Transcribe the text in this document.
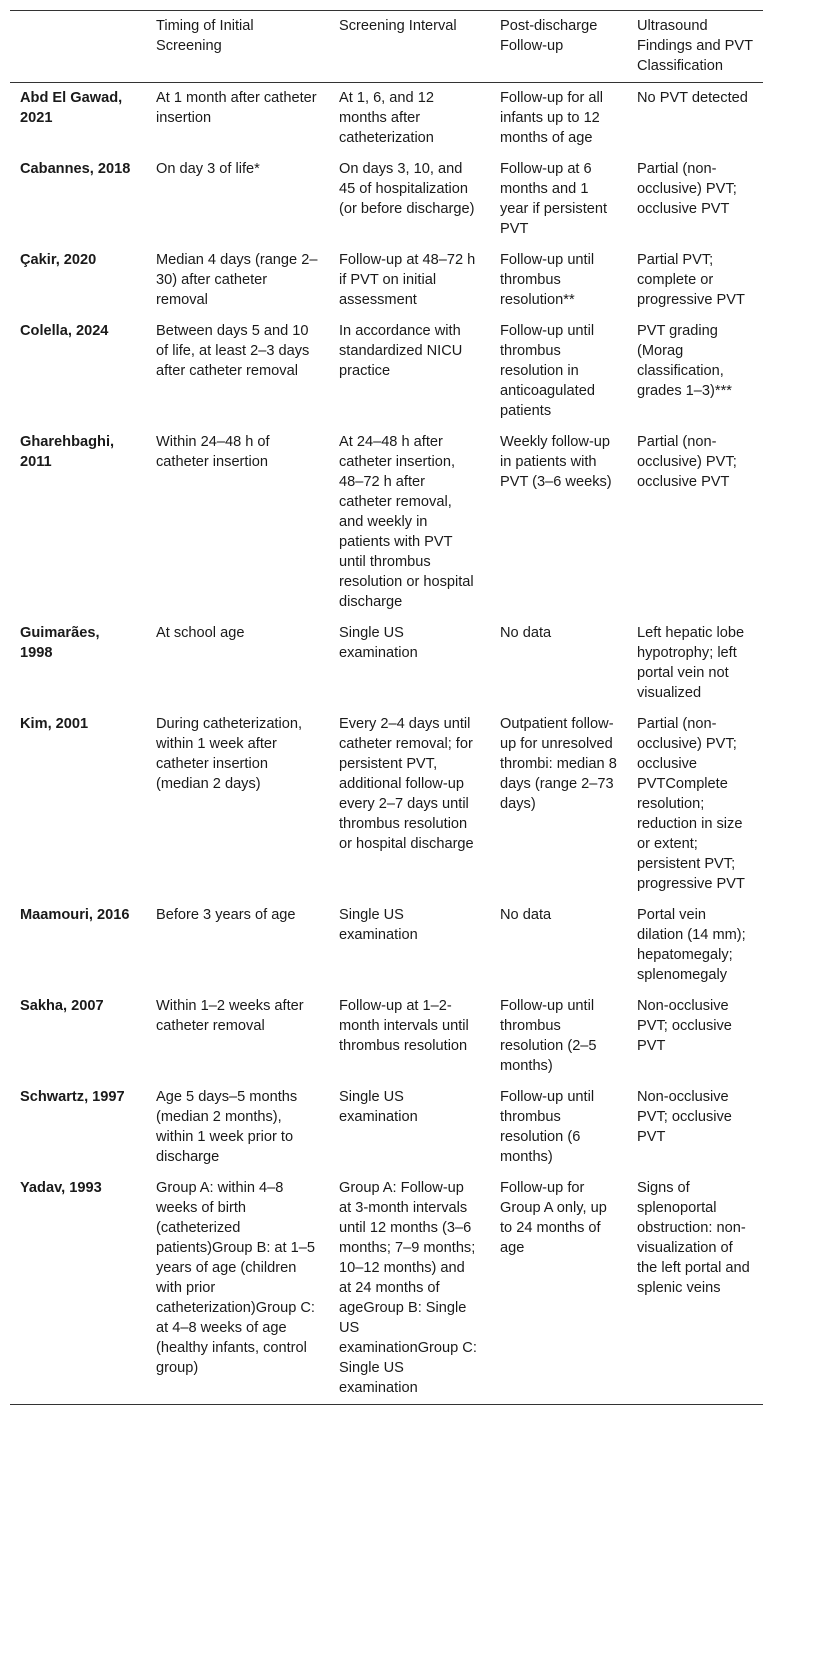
	Timing of Initial Screening	Screening Interval	Post-discharge Follow-up	Ultrasound Findings and PVT Classification
Abd El Gawad, 2021	At 1 month after catheter insertion	At 1, 6, and 12 months after catheterization	Follow-up for all infants up to 12 months of age	No PVT detected
Cabannes, 2018	On day 3 of life*	On days 3, 10, and 45 of hospitalization (or before discharge)	Follow-up at 6 months and 1 year if persistent PVT	Partial (non-occlusive) PVT; occlusive PVT
Çakir, 2020	Median 4 days (range 2–30) after catheter removal	Follow-up at 48–72 h if PVT on initial assessment	Follow-up until thrombus resolution**	Partial PVT; complete or progressive PVT
Colella, 2024	Between days 5 and 10 of life, at least 2–3 days after catheter removal	In accordance with standardized NICU practice	Follow-up until thrombus resolution in anticoagulated patients	PVT grading (Morag classification, grades 1–3)***
Gharehbaghi, 2011	Within 24–48 h of catheter insertion	At 24–48 h after catheter insertion, 48–72 h after catheter removal, and weekly in patients with PVT until thrombus resolution or hospital discharge	Weekly follow-up in patients with PVT (3–6 weeks)	Partial (non-occlusive) PVT; occlusive PVT
Guimarães, 1998	At school age	Single US examination	No data	Left hepatic lobe hypotrophy; left portal vein not visualized
Kim, 2001	During catheterization, within 1 week after catheter insertion (median 2 days)	Every 2–4 days until catheter removal; for persistent PVT, additional follow-up every 2–7 days until thrombus resolution or hospital discharge	Outpatient follow-up for unresolved thrombi: median 8 days (range 2–73 days)	Partial (non-occlusive) PVT; occlusive PVTComplete resolution; reduction in size or extent; persistent PVT; progressive PVT
Maamouri, 2016	Before 3 years of age	Single US examination	No data	Portal vein dilation (14 mm); hepatomegaly; splenomegaly
Sakha, 2007	Within 1–2 weeks after catheter removal	Follow-up at 1–2-month intervals until thrombus resolution	Follow-up until thrombus resolution (2–5 months)	Non-occlusive PVT; occlusive PVT
Schwartz, 1997	Age 5 days–5 months (median 2 months), within 1 week prior to discharge	Single US examination	Follow-up until thrombus resolution (6 months)	Non-occlusive PVT; occlusive PVT
Yadav, 1993	Group A: within 4–8 weeks of birth (catheterized patients)Group B: at 1–5 years of age (children with prior catheterization)Group C: at 4–8 weeks of age (healthy infants, control group)	Group A: Follow-up at 3-month intervals until 12 months (3–6 months; 7–9 months; 10–12 months) and at 24 months of ageGroup B: Single US examinationGroup C: Single US examination	Follow-up for Group A only, up to 24 months of age	Signs of splenoportal obstruction: non-visualization of the left portal and splenic veins
